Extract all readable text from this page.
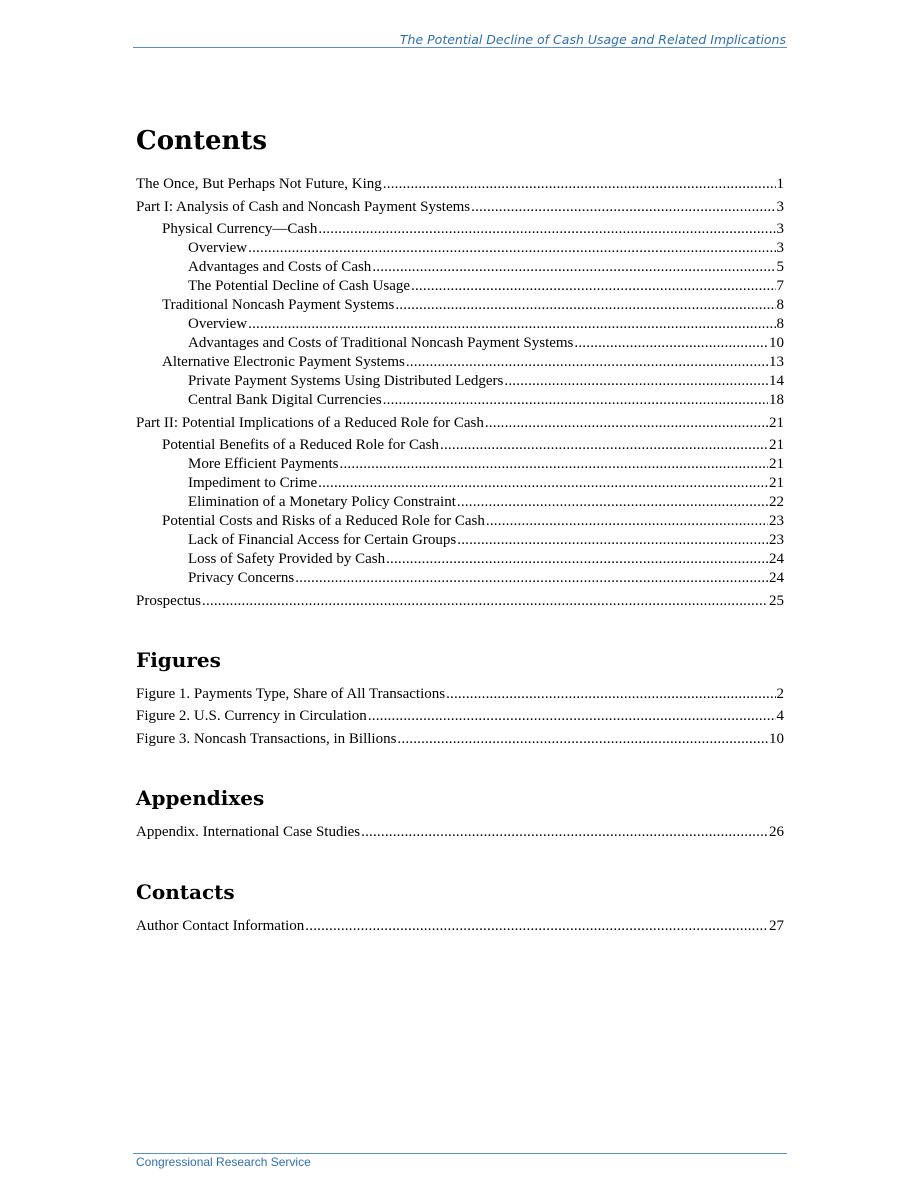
The Potential Decline of Cash Usage and Related Implications
Contents
The Once, But Perhaps Not Future, King .....	1
Part I: Analysis of Cash and Noncash Payment Systems .....	3
Physical Currency—Cash .....	3
Overview .....	3
Advantages and Costs of Cash .....	5
The Potential Decline of Cash Usage .....	7
Traditional Noncash Payment Systems .....	8
Overview .....	8
Advantages and Costs of Traditional Noncash Payment Systems .....	10
Alternative Electronic Payment Systems .....	13
Private Payment Systems Using Distributed Ledgers .....	14
Central Bank Digital Currencies .....	18
Part II: Potential Implications of a Reduced Role for Cash .....	21
Potential Benefits of a Reduced Role for Cash .....	21
More Efficient Payments .....	21
Impediment to Crime .....	21
Elimination of a Monetary Policy Constraint .....	22
Potential Costs and Risks of a Reduced Role for Cash .....	23
Lack of Financial Access for Certain Groups .....	23
Loss of Safety Provided by Cash .....	24
Privacy Concerns .....	24
Prospectus .....	25
Figures
Figure 1. Payments Type, Share of All Transactions .....	2
Figure 2. U.S. Currency in Circulation .....	4
Figure 3. Noncash Transactions, in Billions .....	10
Appendixes
Appendix. International Case Studies .....	26
Contacts
Author Contact Information .....	27
Congressional Research Service
